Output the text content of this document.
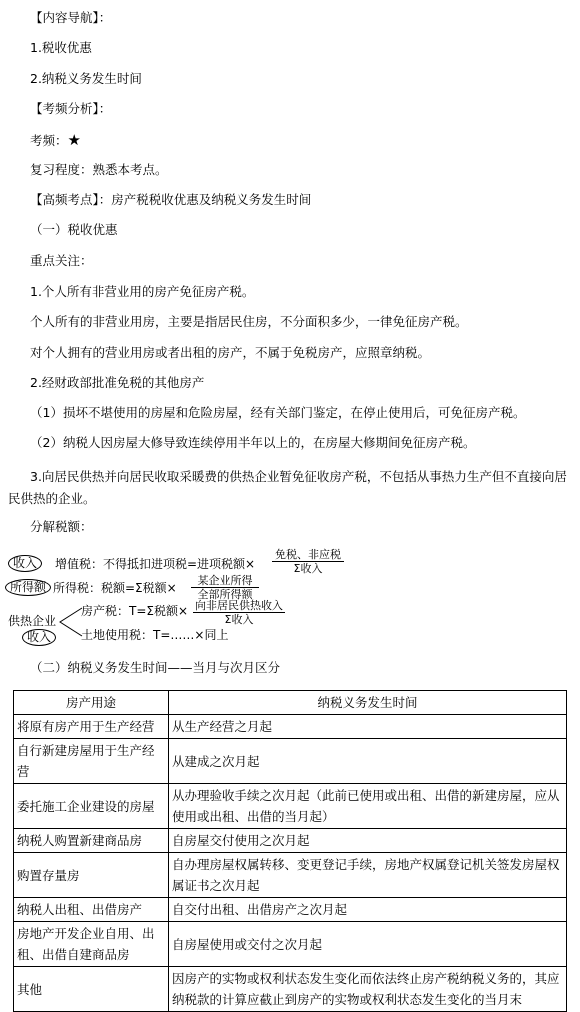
【内容导航】：
1.税收优惠
2.纳税义务发生时间
【考频分析】：
考频：★
复习程度：熟悉本考点。
【高频考点】：房产税税收优惠及纳税义务发生时间
（一）税收优惠
重点关注：
1.个人所有非营业用的房产免征房产税。
个人所有的非营业用房，主要是指居民住房，不分面积多少，一律免征房产税。
对个人拥有的营业用房或者出租的房产，不属于免税房产，应照章纳税。
2.经财政部批准免税的其他房产
（1）损坏不堪使用的房屋和危险房屋，经有关部门鉴定，在停止使用后，可免征房产税。
（2）纳税人因房屋大修导致连续停用半年以上的，在房屋大修期间免征房产税。
3.向居民供热并向居民收取采暖费的供热企业暂免征收房产税，不包括从事热力生产但不直接向居民供热的企业。
分解税额：
收入	增值税：不得抵扣进项税=进项税额×
免税、非应税
Σ收入
所得额 所得税：税额=Σ税额×
某企业所得
全部所得额
供热企业
收入
房产税：T=Σ税额× 向非居民供热收入
Σ收入
土地使用税：T=……×同上
（二）纳税义务发生时间——当月与次月区分
房产用途	纳税义务发生时间
将原有房产用于生产经营	从生产经营之月起
自行新建房屋用于生产经营	从建成之次月起
委托施工企业建设的房屋	从办理验收手续之次月起（此前已使用或出租、出借的新建房屋，应从使用或出租、出借的当月起）
纳税人购置新建商品房	自房屋交付使用之次月起
购置存量房	自办理房屋权属转移、变更登记手续，房地产权属登记机关签发房屋权属证书之次月起
纳税人出租、出借房产	自交付出租、出借房产之次月起
房地产开发企业自用、出租、出借自建商品房	自房屋使用或交付之次月起
其他	因房产的实物或权利状态发生变化而依法终止房产税纳税义务的，其应纳税款的计算应截止到房产的实物或权利状态发生变化的当月末
